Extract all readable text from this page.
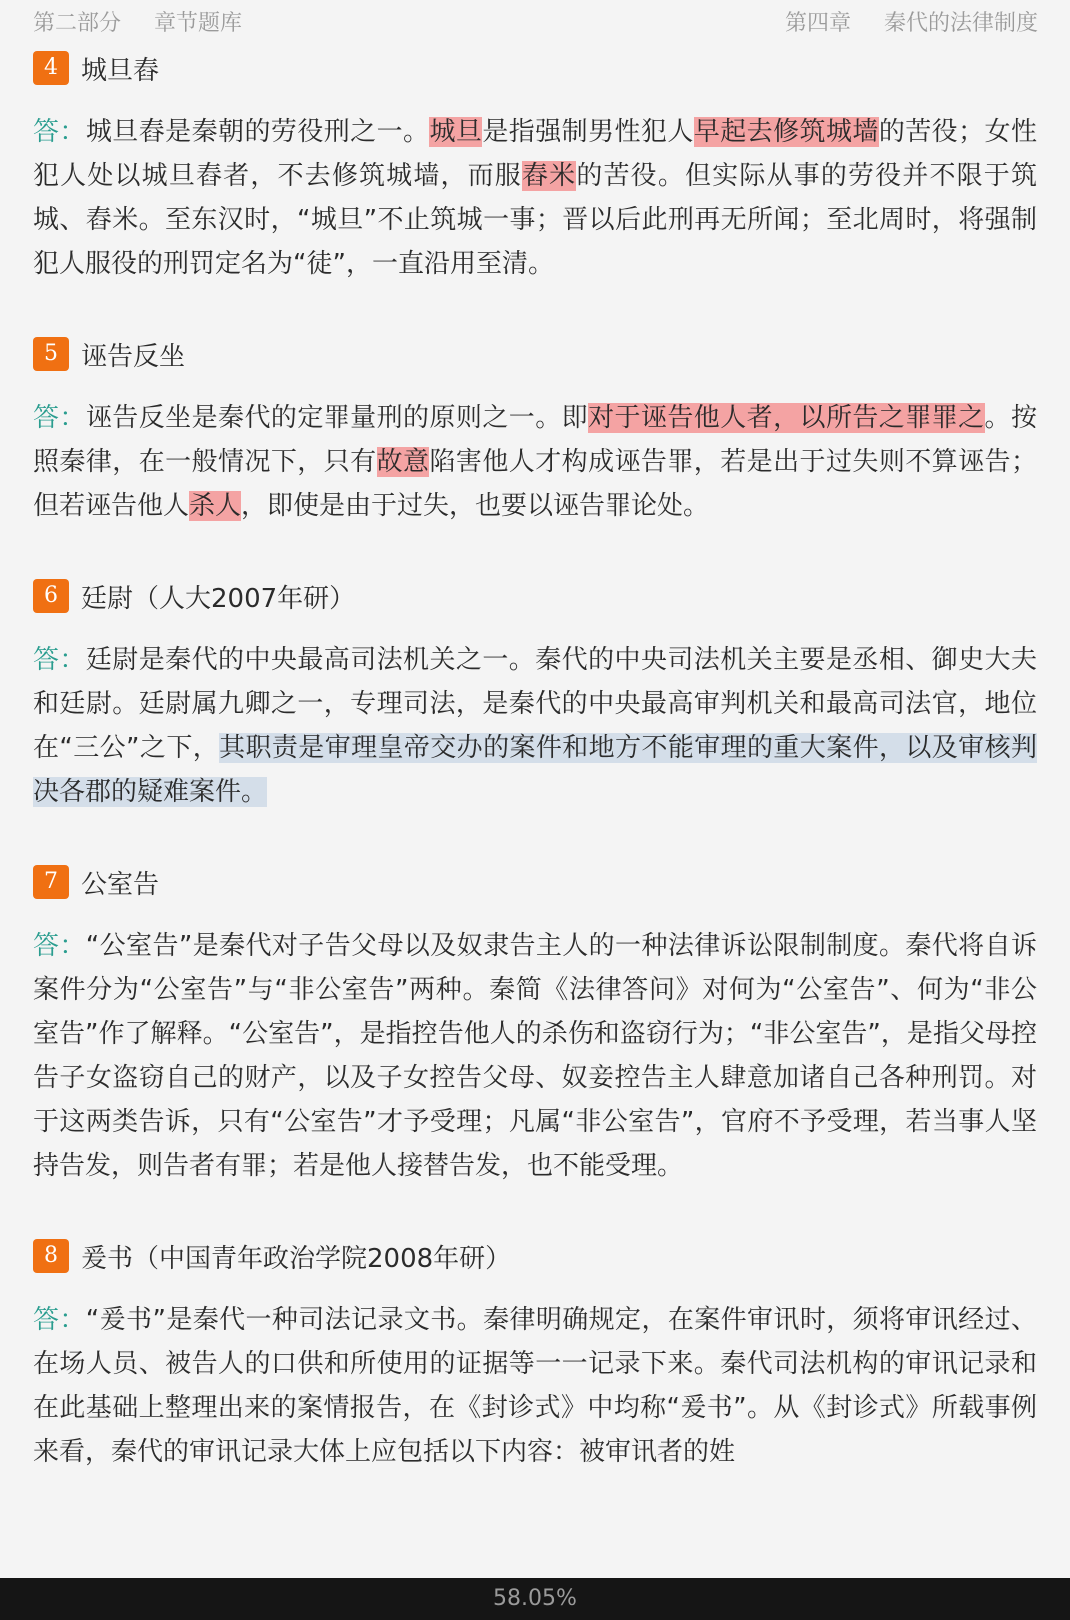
第二部分 章节题库	第四章 秦代的法律制度
4 城旦舂
答：城旦舂是秦朝的劳役刑之一。城旦是指强制男性犯人早起去修筑城墙的苦役；女性犯人处以城旦舂者，不去修筑城墙，而服舂米的苦役。但实际从事的劳役并不限于筑城、舂米。至东汉时，“城旦”不止筑城一事；晋以后此刑再无所闻；至北周时，将强制犯人服役的刑罚定名为“徒”，一直沿用至清。
5 诬告反坐
答：诬告反坐是秦代的定罪量刑的原则之一。即对于诬告他人者，以所告之罪罪之。按照秦律，在一般情况下，只有故意陷害他人才构成诬告罪，若是出于过失则不算诬告；但若诬告他人杀人，即使是由于过失，也要以诬告罪论处。
6 廷尉（人大2007年研）
答：廷尉是秦代的中央最高司法机关之一。秦代的中央司法机关主要是丞相、御史大夫和廷尉。廷尉属九卿之一，专理司法，是秦代的中央最高审判机关和最高司法官，地位在“三公”之下，其职责是审理皇帝交办的案件和地方不能审理的重大案件，以及审核判决各郡的疑难案件。
7 公室告
答：“公室告”是秦代对子告父母以及奴隶告主人的一种法律诉讼限制制度。秦代将自诉案件分为“公室告”与“非公室告”两种。秦简《法律答问》对何为“公室告”、何为“非公室告”作了解释。“公室告”，是指控告他人的杀伤和盗窃行为；“非公室告”，是指父母控告子女盗窃自己的财产，以及子女控告父母、奴妾控告主人肆意加诸自己各种刑罚。对于这两类告诉，只有“公室告”才予受理；凡属“非公室告”，官府不予受理，若当事人坚持告发，则告者有罪；若是他人接替告发，也不能受理。
8 爰书（中国青年政治学院2008年研）
答：“爰书”是秦代一种司法记录文书。秦律明确规定，在案件审讯时，须将审讯经过、在场人员、被告人的口供和所使用的证据等一一记录下来。秦代司法机构的审讯记录和在此基础上整理出来的案情报告，在《封诊式》中均称“爰书”。从《封诊式》所载事例来看，秦代的审讯记录大体上应包括以下内容：被审讯者的姓
58.05%
